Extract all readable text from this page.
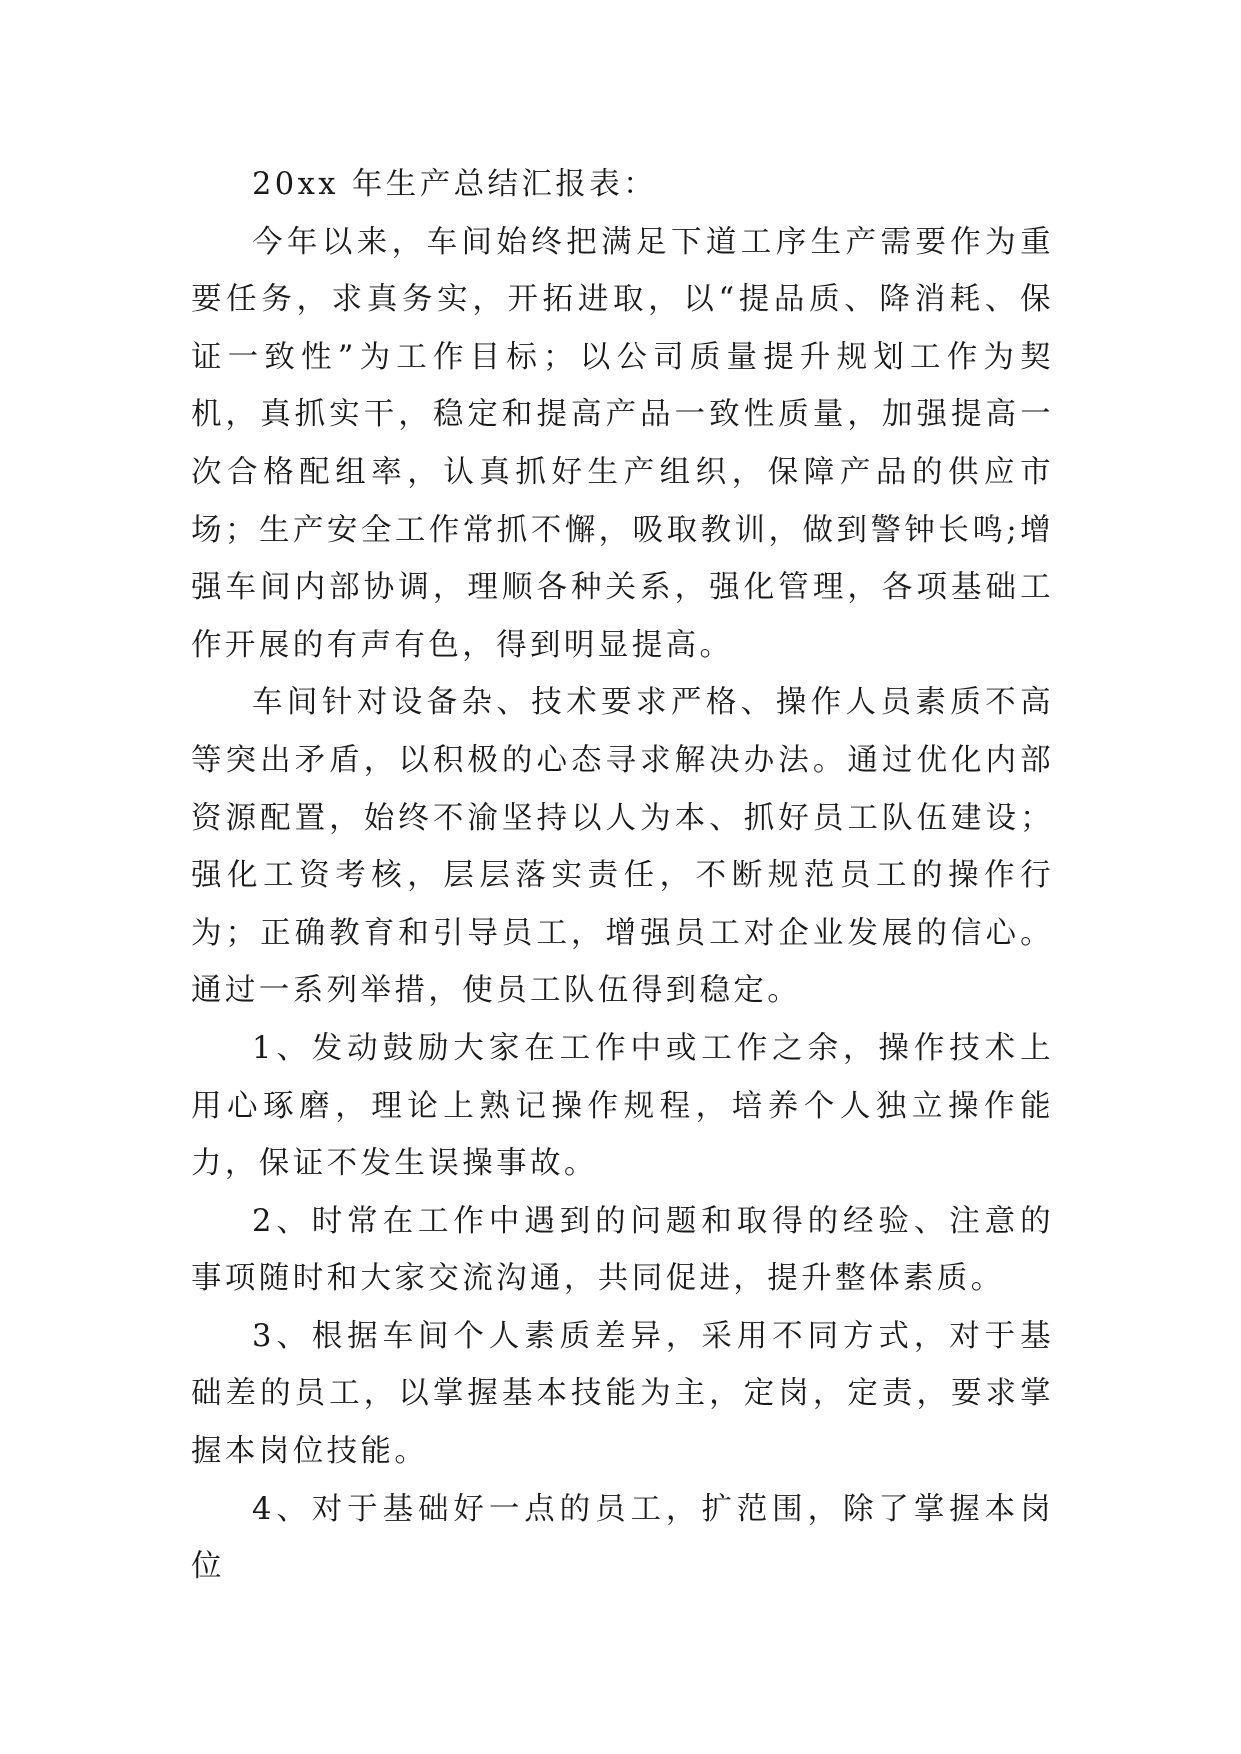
20xx 年生产总结汇报表：

今年以来，车间始终把满足下道工序生产需要作为重要任务，求真务实，开拓进取，以“提品质、降消耗、保证一致性”为工作目标；以公司质量提升规划工作为契机，真抓实干，稳定和提高产品一致性质量，加强提高一次合格配组率，认真抓好生产组织，保障产品的供应市场；生产安全工作常抓不懈，吸取教训，做到警钟长鸣;增强车间内部协调，理顺各种关系，强化管理，各项基础工作开展的有声有色，得到明显提高。

车间针对设备杂、技术要求严格、操作人员素质不高等突出矛盾，以积极的心态寻求解决办法。通过优化内部资源配置，始终不渝坚持以人为本、抓好员工队伍建设；强化工资考核，层层落实责任，不断规范员工的操作行为；正确教育和引导员工，增强员工对企业发展的信心。通过一系列举措，使员工队伍得到稳定。

1、发动鼓励大家在工作中或工作之余，操作技术上用心琢磨，理论上熟记操作规程，培养个人独立操作能力，保证不发生误操事故。

2、时常在工作中遇到的问题和取得的经验、注意的事项随时和大家交流沟通，共同促进，提升整体素质。

3、根据车间个人素质差异，采用不同方式，对于基础差的员工，以掌握基本技能为主，定岗，定责，要求掌握本岗位技能。

4、对于基础好一点的员工，扩范围，除了掌握本岗位
